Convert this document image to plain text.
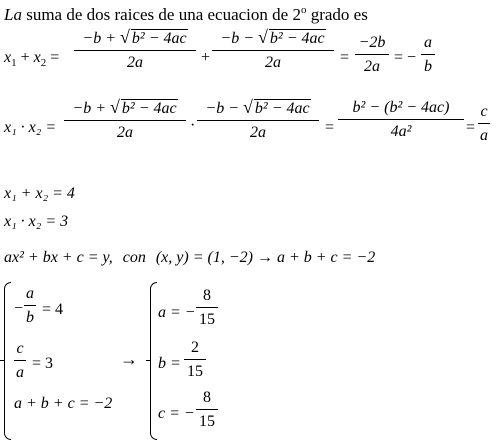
La suma de dos raices de una ecuacion de 2$^o$ grado es
$x_1 + x_2$ =
−b + √ b² − 4ac
2a	+
−b − √ b² − 4ac
2a	=
−2b
2a
= −
a
b
x₁ · x₂ =
−b + √ b² − 4ac
2a	·
−b − √ b² − 4ac
2a	=
b² − (b² − 4ac)
4a²	=
c
a
x₁ + x₂ = 4
x₁ · x₂ = 3
ax² + bx + c = y, con (x, y) = (1, −2) → a + b + c = −2
−
a
b = 4
c
a
= 3
a + b + c = −2
→
a = −
8
15
b =
2
15
c = −
8
15
